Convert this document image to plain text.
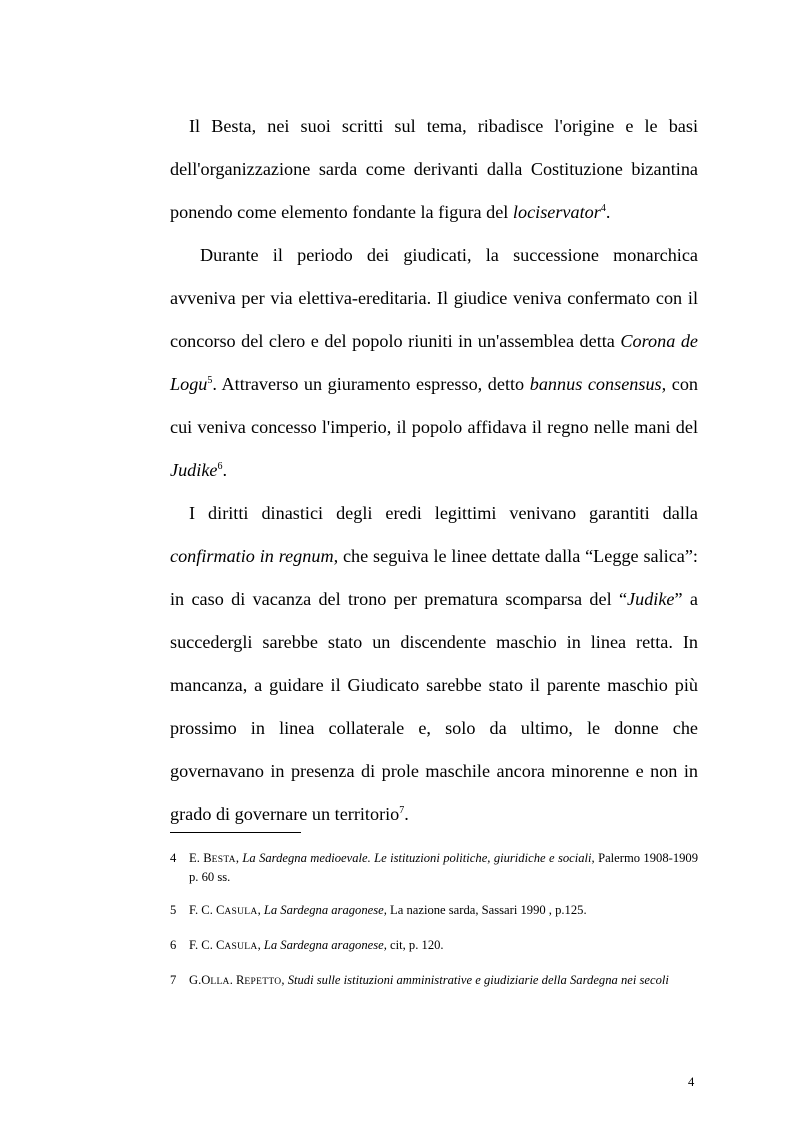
Il Besta, nei suoi scritti sul tema, ribadisce l'origine e le basi dell'organizzazione sarda come derivanti dalla Costituzione bizantina ponendo come elemento fondante la figura del lociservator$^4$.

Durante il periodo dei giudicati, la successione monarchica avveniva per via elettiva-ereditaria. Il giudice veniva confermato con il concorso del clero e del popolo riuniti in un'assemblea detta Corona de Logu$^5$. Attraverso un giuramento espresso, detto bannus consensus, con cui veniva concesso l'imperio, il popolo affidava il regno nelle mani del Judike$^6$.

I diritti dinastici degli eredi legittimi venivano garantiti dalla confirmatio in regnum, che seguiva le linee dettate dalla “Legge salica”: in caso di vacanza del trono per prematura scomparsa del “Judike” a succedergli sarebbe stato un discendente maschio in linea retta. In mancanza, a guidare il Giudicato sarebbe stato il parente maschio più prossimo in linea collaterale e, solo da ultimo, le donne che governavano in presenza di prole maschile ancora minorenne e non in grado di governare un territorio$^7$.

4 E. BESTA, La Sardegna medioevale. Le istituzioni politiche, giuridiche e sociali, Palermo 1908-1909 p. 60 ss.
5 F. C. CASULA, La Sardegna aragonese, La nazione sarda, Sassari 1990 , p.125.
6 F. C. CASULA, La Sardegna aragonese, cit, p. 120.
7 G.OLLA. REPETTO, Studi sulle istituzioni amministrative e giudiziarie della Sardegna nei secoli
4
